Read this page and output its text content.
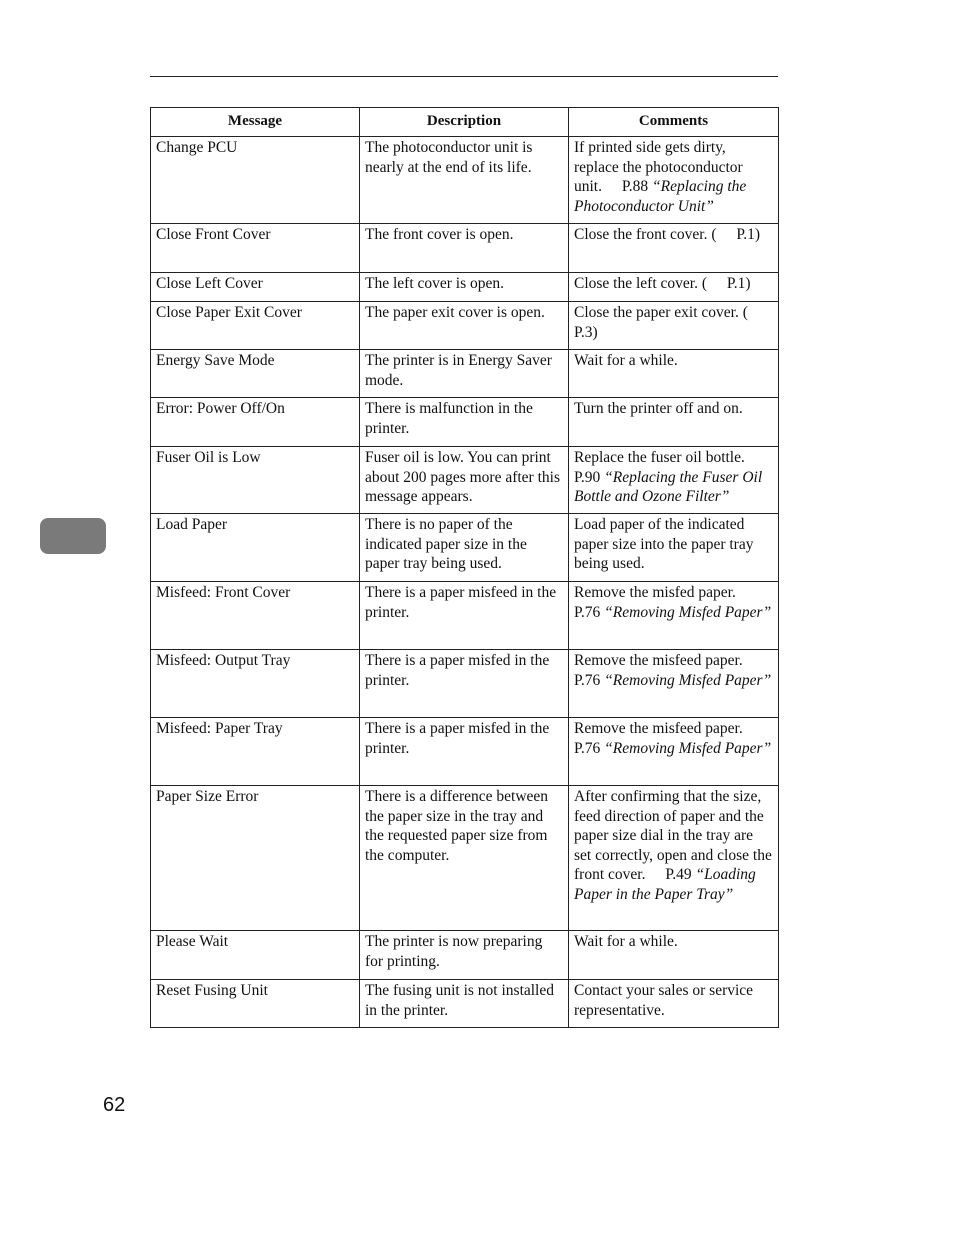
Message	Description	Comments
Change PCU	The photoconductor unit is nearly at the end of its life.	If printed side gets dirty, replace the photoconductor unit. P.88 “Replacing the Photoconductor Unit”
Close Front Cover	The front cover is open.	Close the front cover. ( P.1)
Close Left Cover	The left cover is open.	Close the left cover. ( P.1)
Close Paper Exit Cover	The paper exit cover is open.	Close the paper exit cover. ( P.3)
Energy Save Mode	The printer is in Energy Saver mode.	Wait for a while.
Error: Power Off/On	There is malfunction in the printer.	Turn the printer off and on.
Fuser Oil is Low	Fuser oil is low. You can print about 200 pages more after this message appears.	Replace the fuser oil bottle. P.90 “Replacing the Fuser Oil Bottle and Ozone Filter”
Load Paper	There is no paper of the indicated paper size in the paper tray being used.	Load paper of the indicated paper size into the paper tray being used.
Misfeed: Front Cover	There is a paper misfeed in the printer.	Remove the misfed paper. P.76 “Removing Misfed Paper”
Misfeed: Output Tray	There is a paper misfed in the printer.	Remove the misfeed paper. P.76 “Removing Misfed Paper”
Misfeed: Paper Tray	There is a paper misfed in the printer.	Remove the misfeed paper. P.76 “Removing Misfed Paper”
Paper Size Error	There is a difference between the paper size in the tray and the requested paper size from the computer.	After confirming that the size, feed direction of paper and the paper size dial in the tray are set correctly, open and close the front cover. P.49 “Loading Paper in the Paper Tray”
Please Wait	The printer is now preparing for printing.	Wait for a while.
Reset Fusing Unit	The fusing unit is not installed in the printer.	Contact your sales or service representative.
62
